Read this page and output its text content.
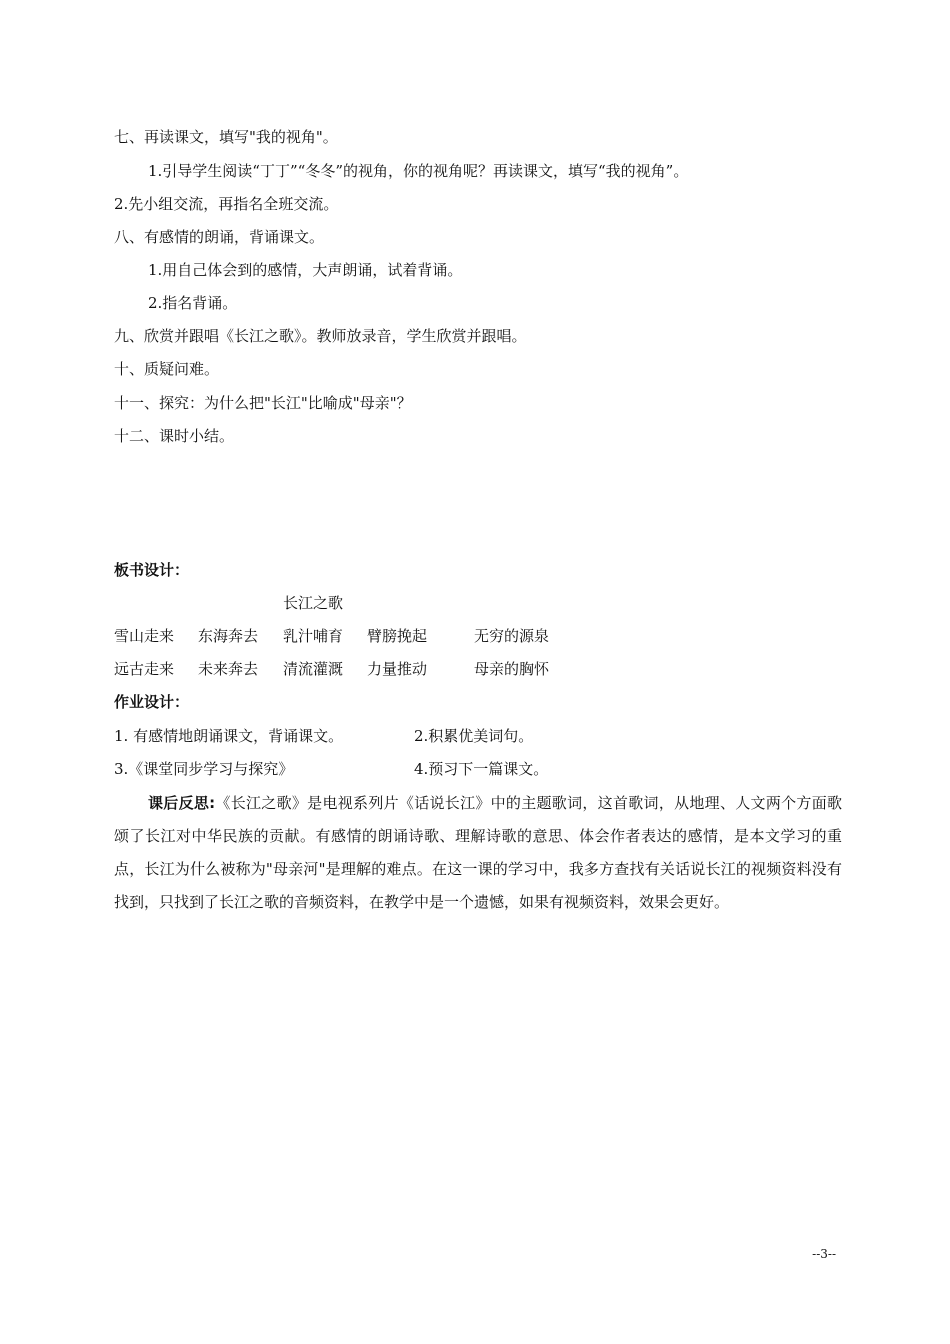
七、再读课文，填写"我的视角"。
1.引导学生阅读“丁丁”“冬冬”的视角，你的视角呢？再读课文，填写“我的视角”。
2.先小组交流，再指名全班交流。
八、有感情的朗诵，背诵课文。
1.用自己体会到的感情，大声朗诵，试着背诵。
2.指名背诵。
九、欣赏并跟唱《长江之歌》。教师放录音，学生欣赏并跟唱。
十、质疑问难。
十一、探究：为什么把"长江"比喻成"母亲"？
十二、课时小结。
板书设计：
长江之歌
雪山走来 东海奔去 乳汁哺育 臂膀挽起	无穷的源泉
远古走来 未来奔去 清流灌溉 力量推动	母亲的胸怀
作业设计：
1. 有感情地朗诵课文，背诵课文。	2.积累优美词句。
3.《课堂同步学习与探究》	4.预习下一篇课文。
课后反思:《长江之歌》是电视系列片《话说长江》中的主题歌词，这首歌词，从地理、人文两个方面歌颂了长江对中华民族的贡献。有感情的朗诵诗歌、理解诗歌的意思、体会作者表达的感情，是本文学习的重点，长江为什么被称为"母亲河"是理解的难点。在这一课的学习中，我多方查找有关话说长江的视频资料没有找到，只找到了长江之歌的音频资料，在教学中是一个遗憾，如果有视频资料，效果会更好。
--3--
